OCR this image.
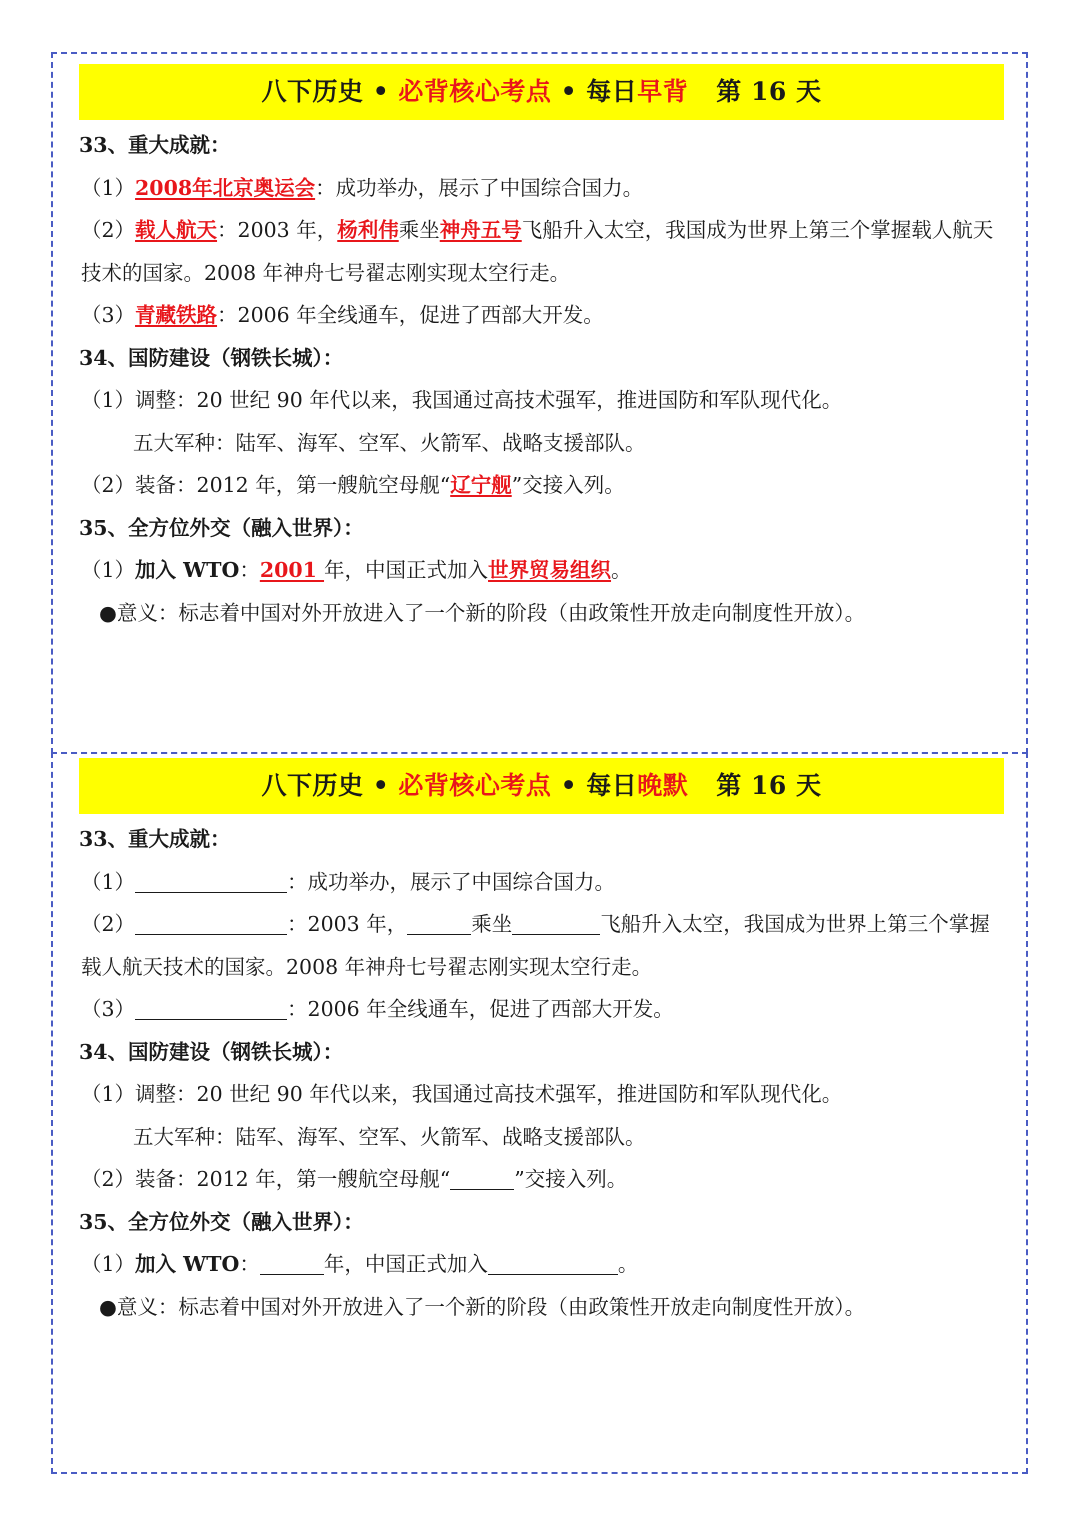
八下历史 • 必背核心考点 • 每日早背 第 16 天
33、重大成就：
（1）2008年北京奥运会：成功举办，展示了中国综合国力。
（2）载人航天：2003 年，杨利伟乘坐神舟五号飞船升入太空，我国成为世界上第三个掌握载人航天技术的国家。2008 年神舟七号翟志刚实现太空行走。
（3）青藏铁路：2006 年全线通车，促进了西部大开发。
34、国防建设（钢铁长城）：
（1）调整：20 世纪 90 年代以来，我国通过高技术强军，推进国防和军队现代化。
五大军种：陆军、海军、空军、火箭军、战略支援部队。
（2）装备：2012 年，第一艘航空母舰“辽宁舰”交接入列。
35、全方位外交（融入世界）：
（1）加入 WTO：2001 年，中国正式加入世界贸易组织。
●意义：标志着中国对外开放进入了一个新的阶段（由政策性开放走向制度性开放）。
八下历史 • 必背核心考点 • 每日晚默 第 16 天
33、重大成就：
（1）	：成功举办，展示了中国综合国力。
（2）	：2003 年，	乘坐	飞船升入太空，我国成为世界上第三个掌握载人航天技术的国家。2008 年神舟七号翟志刚实现太空行走。
（3）	：2006 年全线通车，促进了西部大开发。
34、国防建设（钢铁长城）：
（1）调整：20 世纪 90 年代以来，我国通过高技术强军，推进国防和军队现代化。
五大军种：陆军、海军、空军、火箭军、战略支援部队。
（2）装备：2012 年，第一艘航空母舰“	”交接入列。
35、全方位外交（融入世界）：
（1）加入 WTO：	年，中国正式加入	。
●意义：标志着中国对外开放进入了一个新的阶段（由政策性开放走向制度性开放）。
